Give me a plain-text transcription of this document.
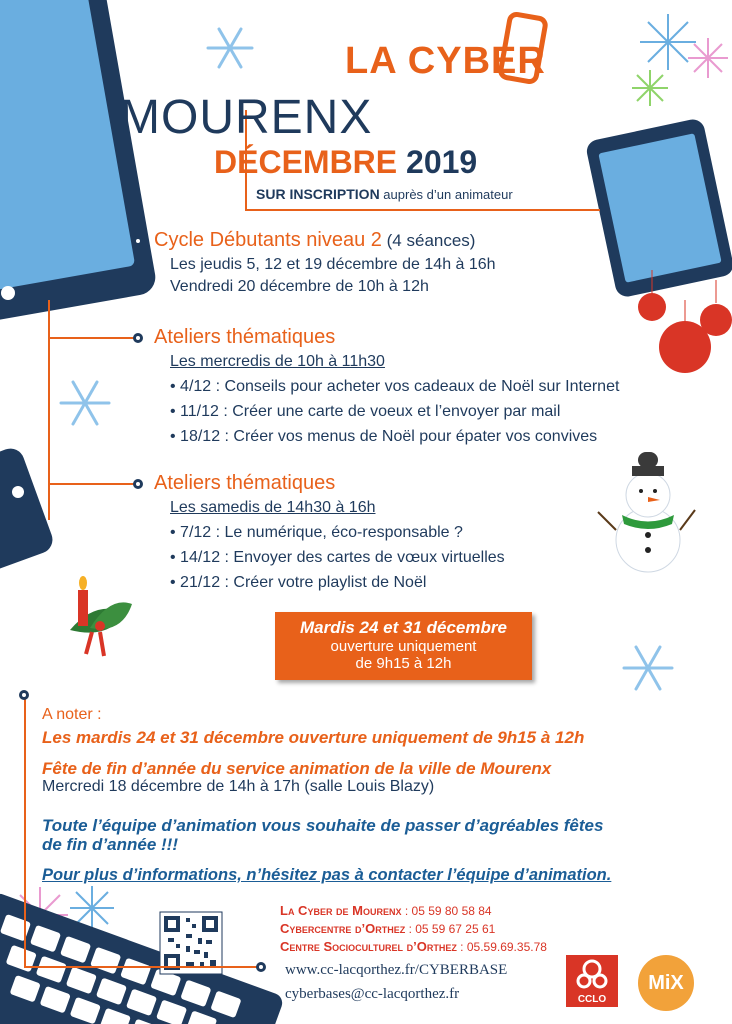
LA CYBER
MOURENX
DÉCEMBRE 2019
SUR INSCRIPTION auprès d’un animateur
Cycle Débutants niveau 2 (4 séances)
Les jeudis 5, 12 et 19 décembre de 14h à 16h
Vendredi 20 décembre de 10h à 12h
Ateliers thématiques
Les mercredis de 10h à 11h30
• 4/12 : Conseils pour acheter vos cadeaux de Noël sur Internet
• 11/12 : Créer une carte de voeux et l’envoyer par mail
• 18/12 : Créer vos menus de Noël pour épater vos convives
Ateliers thématiques
Les samedis de 14h30 à 16h
• 7/12 : Le numérique, éco-responsable ?
• 14/12 : Envoyer des cartes de vœux virtuelles
• 21/12 : Créer votre playlist de Noël
Mardis 24 et 31 décembre
ouverture uniquement
de 9h15 à 12h
A noter :
Les mardis 24 et 31 décembre ouverture uniquement de 9h15 à 12h
Fête de fin d’année du service animation de la ville de Mourenx
Mercredi 18 décembre de 14h à 17h (salle Louis Blazy)
Toute l’équipe d’animation vous souhaite de passer d’agréables fêtes
de fin d’année !!!
Pour plus d’informations, n’hésitez pas à contacter l’équipe d’animation.
La Cyber de Mourenx : 05 59 80 58 84
Cybercentre d’Orthez : 05 59 67 25 61
Centre Socioculturel d’Orthez : 05.59.69.35.78
www.cc-lacqorthez.fr/CYBERBASE
cyberbases@cc-lacqorthez.fr	CCLO
MiX
